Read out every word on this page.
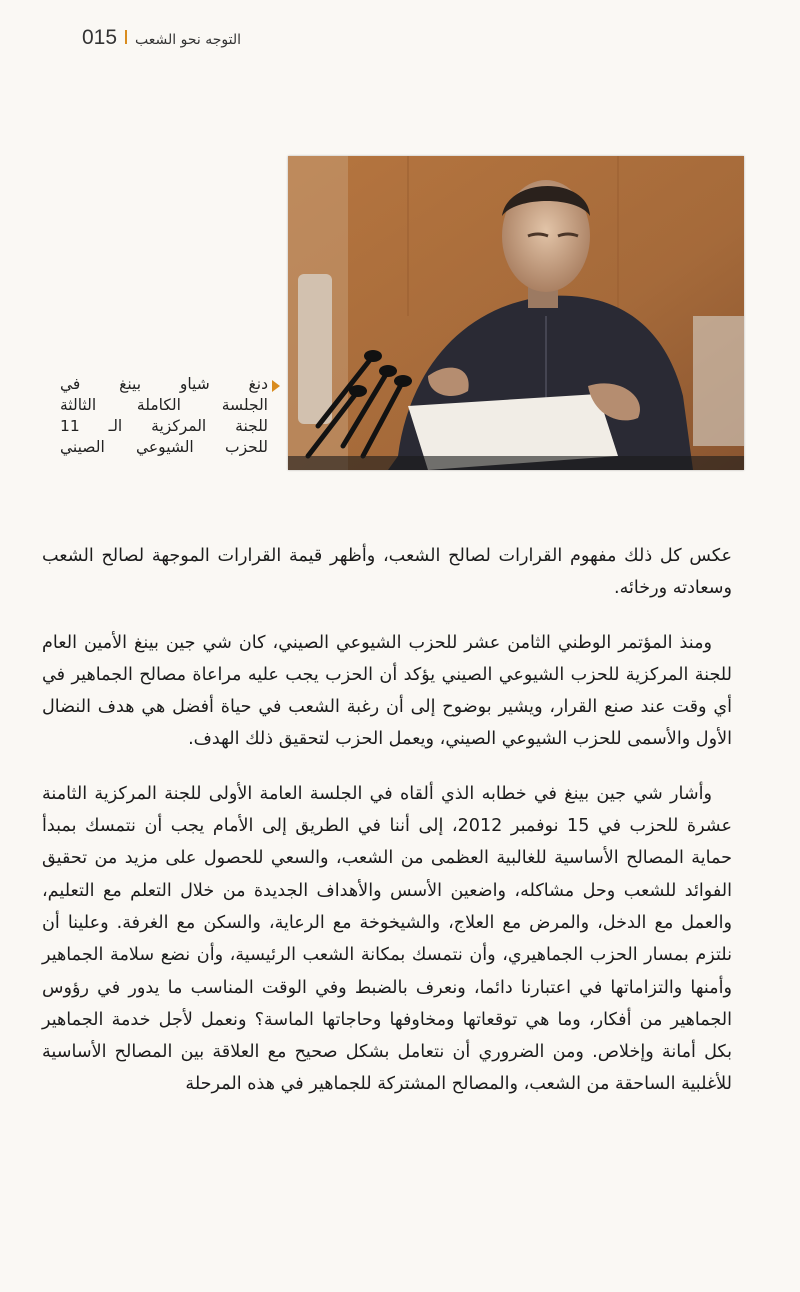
015 التوجه نحو الشعب
دنغ شياو بينغ في
الجلسة الكاملة الثالثة
للجنة المركزية الـ 11
للحزب الشيوعي الصيني

عكس كل ذلك مفهوم القرارات لصالح الشعب، وأظهر قيمة القرارات الموجهة لصالح الشعب وسعادته ورخائه.

ومنذ المؤتمر الوطني الثامن عشر للحزب الشيوعي الصيني، كان شي جين بينغ الأمين العام للجنة المركزية للحزب الشيوعي الصيني يؤكد أن الحزب يجب عليه مراعاة مصالح الجماهير في أي وقت عند صنع القرار، ويشير بوضوح إلى أن رغبة الشعب في حياة أفضل هي هدف النضال الأول والأسمى للحزب الشيوعي الصيني، ويعمل الحزب لتحقيق ذلك الهدف.

وأشار شي جين بينغ في خطابه الذي ألقاه في الجلسة العامة الأولى للجنة المركزية الثامنة عشرة للحزب في 15 نوفمبر 2012، إلى أننا في الطريق إلى الأمام يجب أن نتمسك بمبدأ حماية المصالح الأساسية للغالبية العظمى من الشعب، والسعي للحصول على مزيد من تحقيق الفوائد للشعب وحل مشاكله، واضعين الأسس والأهداف الجديدة من خلال التعلم مع التعليم، والعمل مع الدخل، والمرض مع العلاج، والشيخوخة مع الرعاية، والسكن مع الغرفة. وعلينا أن نلتزم بمسار الحزب الجماهيري، وأن نتمسك بمكانة الشعب الرئيسية، وأن نضع سلامة الجماهير وأمنها والتزاماتها في اعتبارنا دائما، ونعرف بالضبط وفي الوقت المناسب ما يدور في رؤوس الجماهير من أفكار، وما هي توقعاتها ومخاوفها وحاجاتها الماسة؟ ونعمل لأجل خدمة الجماهير بكل أمانة وإخلاص. ومن الضروري أن نتعامل بشكل صحيح مع العلاقة بين المصالح الأساسية للأغلبية الساحقة من الشعب، والمصالح المشتركة للجماهير في هذه المرحلة
